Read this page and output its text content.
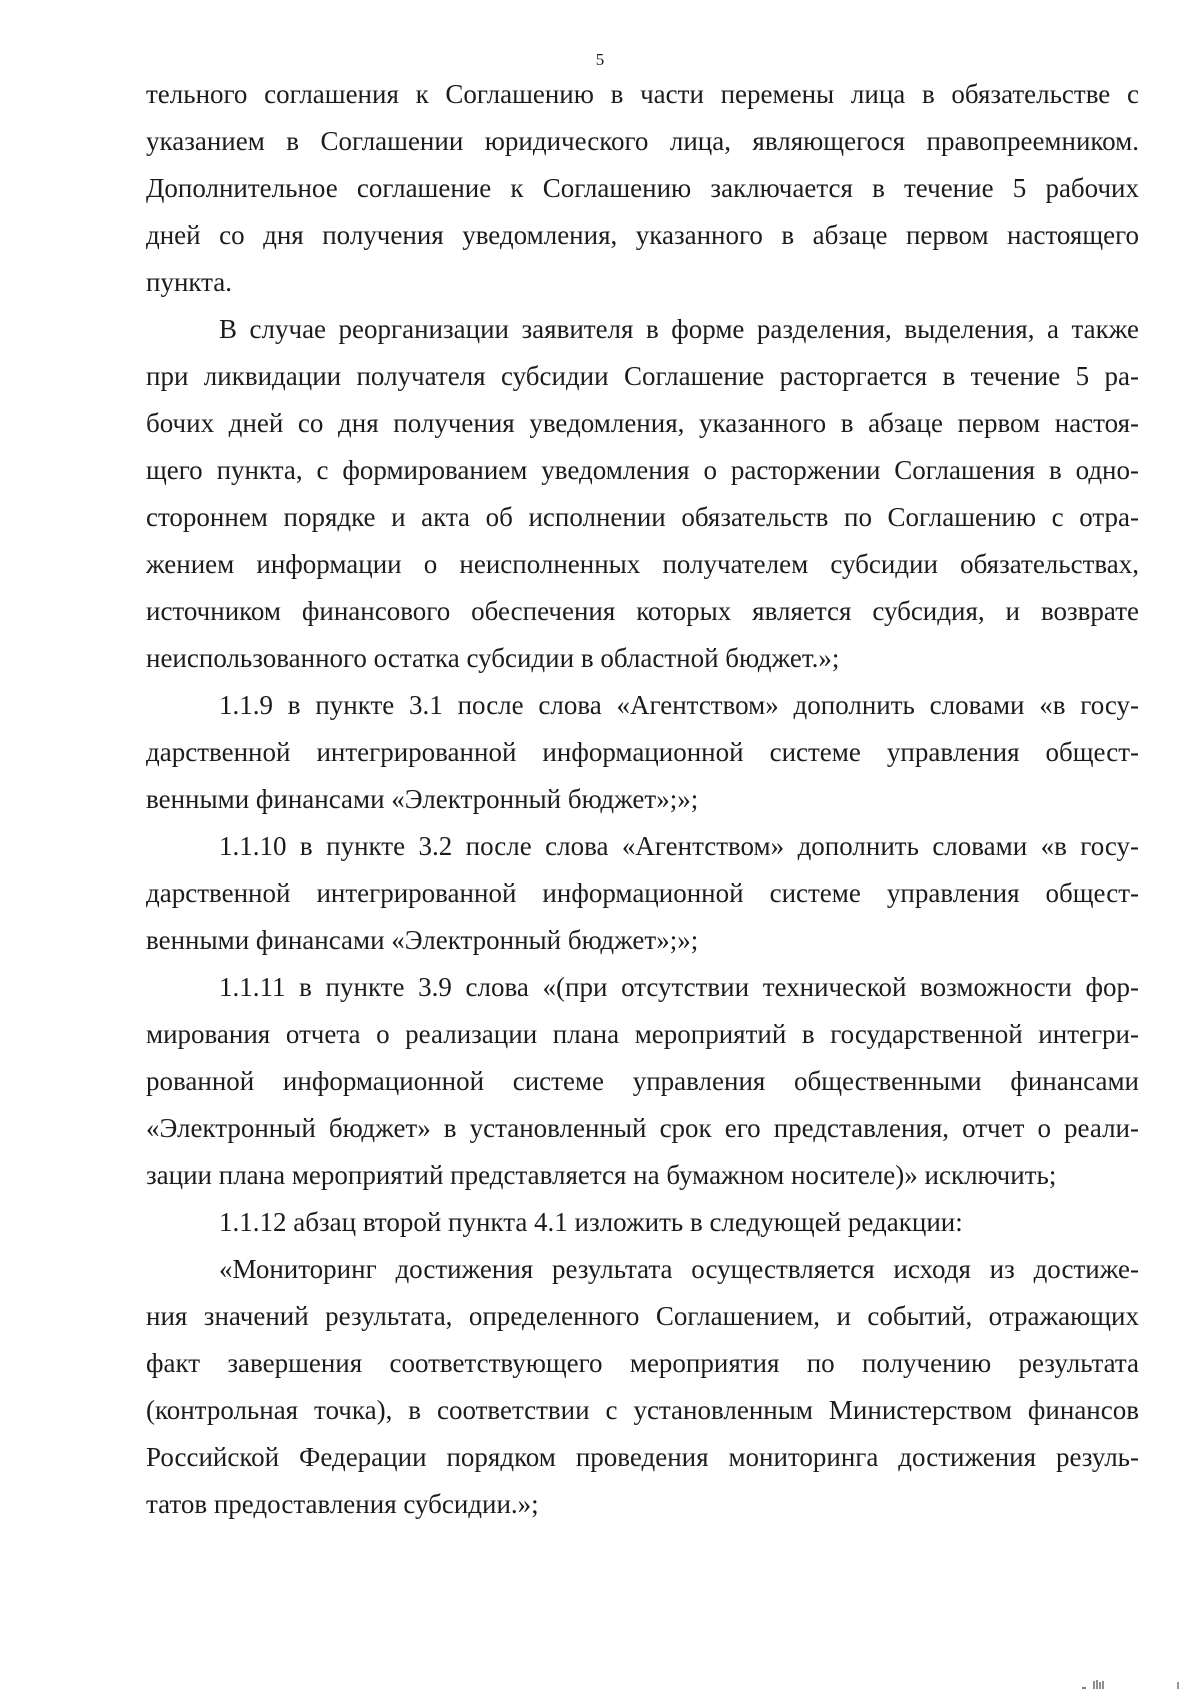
5
тельного соглашения к Соглашению в части перемены лица в обязательстве с
указанием в Соглашении юридического лица, являющегося правопреемником.
Дополнительное соглашение к Соглашению заключается в течение 5 рабочих
дней со дня получения уведомления, указанного в абзаце первом настоящего
пункта.
В случае реорганизации заявителя в форме разделения, выделения, а также
при ликвидации получателя субсидии Соглашение расторгается в течение 5 ра-
бочих дней со дня получения уведомления, указанного в абзаце первом настоя-
щего пункта, с формированием уведомления о расторжении Соглашения в одно-
стороннем порядке и акта об исполнении обязательств по Соглашению с отра-
жением информации о неисполненных получателем субсидии обязательствах,
источником финансового обеспечения которых является субсидия, и возврате
неиспользованного остатка субсидии в областной бюджет.»;
1.1.9 в пункте 3.1 после слова «Агентством» дополнить словами «в госу-
дарственной интегрированной информационной системе управления общест-
венными финансами «Электронный бюджет»;»;
1.1.10 в пункте 3.2 после слова «Агентством» дополнить словами «в госу-
дарственной интегрированной информационной системе управления общест-
венными финансами «Электронный бюджет»;»;
1.1.11 в пункте 3.9 слова «(при отсутствии технической возможности фор-
мирования отчета о реализации плана мероприятий в государственной интегри-
рованной информационной системе управления общественными финансами
«Электронный бюджет» в установленный срок его представления, отчет о реали-
зации плана мероприятий представляется на бумажном носителе)» исключить;
1.1.12 абзац второй пункта 4.1 изложить в следующей редакции:
«Мониторинг достижения результата осуществляется исходя из достиже-
ния значений результата, определенного Соглашением, и событий, отражающих
факт завершения соответствующего мероприятия по получению результата
(контрольная точка), в соответствии с установленным Министерством финансов
Российской Федерации порядком проведения мониторинга достижения резуль-
татов предоставления субсидии.»;
